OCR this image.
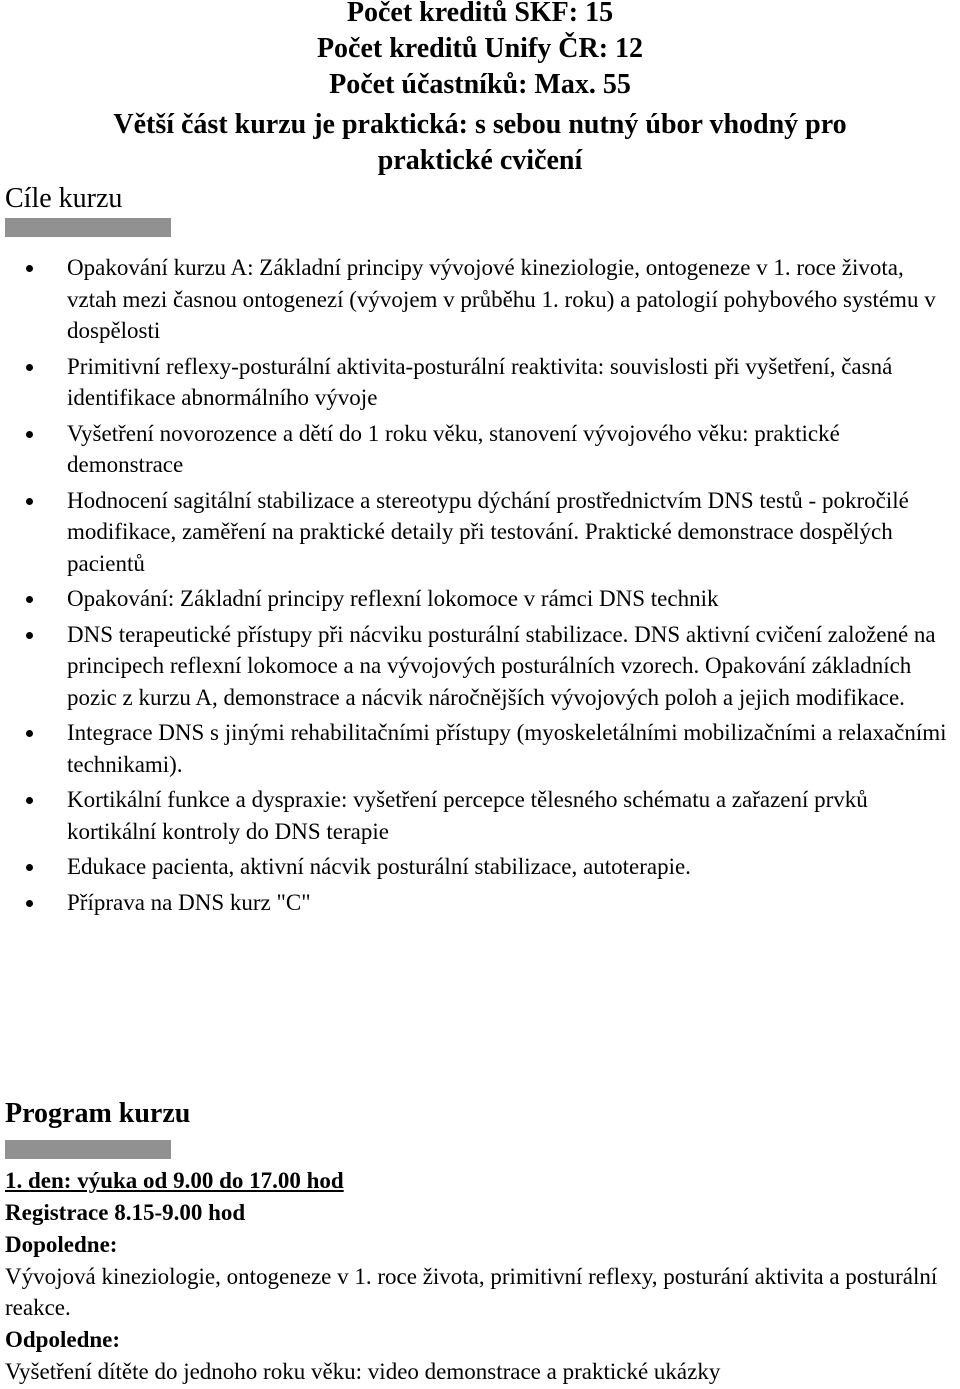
Počet kreditů SKF: 15
Počet kreditů Unify ČR: 12
Počet účastníků: Max. 55
Větší část kurzu je praktická: s sebou nutný úbor vhodný pro
praktické cvičení
Cíle kurzu
Opakování kurzu A: Základní principy vývojové kineziologie, ontogeneze v 1. roce života, vztah mezi časnou ontogenezí (vývojem v průběhu 1. roku) a patologií pohybového systému v dospělosti
Primitivní reflexy-posturální aktivita-posturální reaktivita: souvislosti při vyšetření, časná identifikace abnormálního vývoje
Vyšetření novorozence a dětí do 1 roku věku, stanovení vývojového věku: praktické demonstrace
Hodnocení sagitální stabilizace a stereotypu dýchání prostřednictvím DNS testů - pokročilé modifikace, zaměření na praktické detaily při testování. Praktické demonstrace dospělých pacientů
Opakování: Základní principy reflexní lokomoce v rámci DNS technik
DNS terapeutické přístupy při nácviku posturální stabilizace. DNS aktivní cvičení založené na principech reflexní lokomoce a na vývojových posturálních vzorech. Opakování základních pozic z kurzu A, demonstrace a nácvik náročnějších vývojových poloh a jejich modifikace.
Integrace DNS s jinými rehabilitačními přístupy (myoskeletálními mobilizačními a relaxačními technikami).
Kortikální funkce a dyspraxie: vyšetření percepce tělesného schématu a zařazení prvků kortikální kontroly do DNS terapie
Edukace pacienta, aktivní nácvik posturální stabilizace, autoterapie.
Příprava na DNS kurz "C"
Program kurzu
1. den: výuka od 9.00 do 17.00 hod
Registrace 8.15-9.00 hod
Dopoledne:
Vývojová kineziologie, ontogeneze v 1. roce života, primitivní reflexy, posturání aktivita a posturální reakce.
Odpoledne:
Vyšetření dítěte do jednoho roku věku: video demonstrace a praktické ukázky
